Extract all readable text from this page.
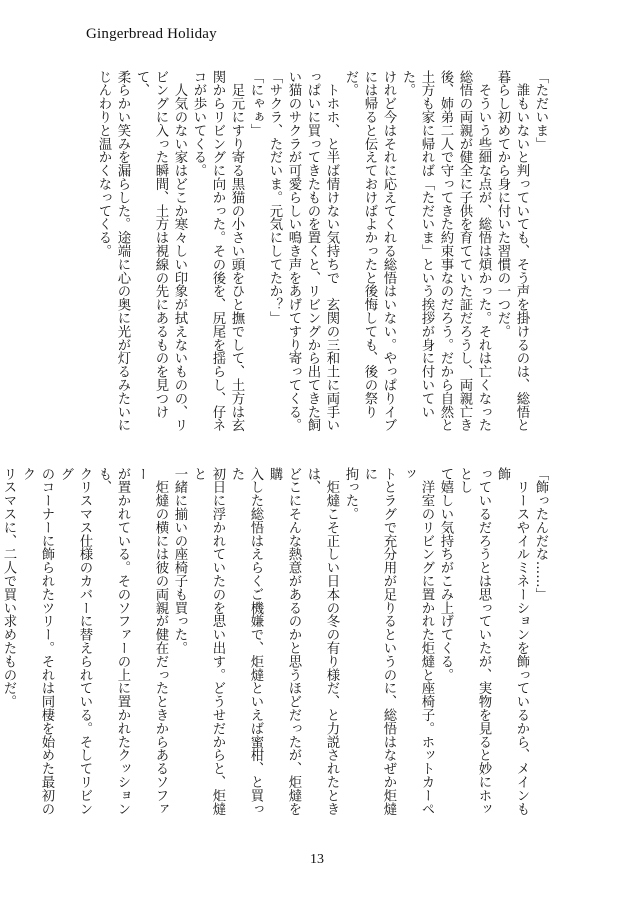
Gingerbread Holiday

「ただいま」

　誰もいないと判っていても、そう声を掛けるのは、総悟と

暮らし初めてから身に付いた習慣の一つだ。

　そういう些細な点が、総悟は煩かった。それは亡くなった

総悟の両親が健全に子供を育てていた証だろうし、両親亡き

後、姉弟二人で守ってきた約束事なのだろう。だから自然と

土方も家に帰れば「ただいま」という挨拶が身に付いていた。

けれど今はそれに応えてくれる総悟はいない。やっぱりイブ

には帰ると伝えておけばよかったと後悔しても、後の祭りだ。

　トホホ、と半ば情けない気持ちで　玄関の三和土に両手い

っぱいに買ってきたものを置くと、リビングから出てきた飼

い猫のサクラが可愛らしい鳴き声をあげてすり寄ってくる。

「サクラ、ただいま。元気にしてたか？」

「にゃぁ」

　足元にすり寄る黒猫の小さい頭をひと撫でして、土方は玄

関からリビングに向かった。その後を、尻尾を揺らし、仔ネ

コが歩いてくる。

　人気のない家はどこか寒々しい印象が拭えないものの、リ

ビングに入った瞬間、土方は視線の先にあるものを見つけて、

柔らかい笑みを漏らした。途端に心の奥に光が灯るみたいに

じんわりと温かくなってくる。

「飾ったんだな……」

　リースやイルミネーションを飾っているから、メインも飾

っているだろうとは思っていたが、実物を見ると妙にホッとし

て嬉しい気持ちがこみ上げてくる。

　洋室のリビングに置かれた炬燵と座椅子。ホットカーペッ

トとラグで充分用が足りるというのに、総悟はなぜか炬燵に

拘った。

　炬燵こそ正しい日本の冬の有り様だ、と力説されたときは、

どこにそんな熱意があるのかと思うほどだったが、炬燵を購

入した総悟はえらくご機嫌で、炬燵といえば蜜柑、と買った

初日に浮かれていたのを思い出す。どうせだからと、炬燵と

一緒に揃いの座椅子も買った。

　炬燵の横には彼の両親が健在だったときからあるソファー

が置かれている。そのソファーの上に置かれたクッションも、

クリスマス仕様のカバーに替えられている。そしてリビング

のコーナーに飾られたツリー。それは同棲を始めた最初のク

リスマスに、二人で買い求めたものだ。

13
